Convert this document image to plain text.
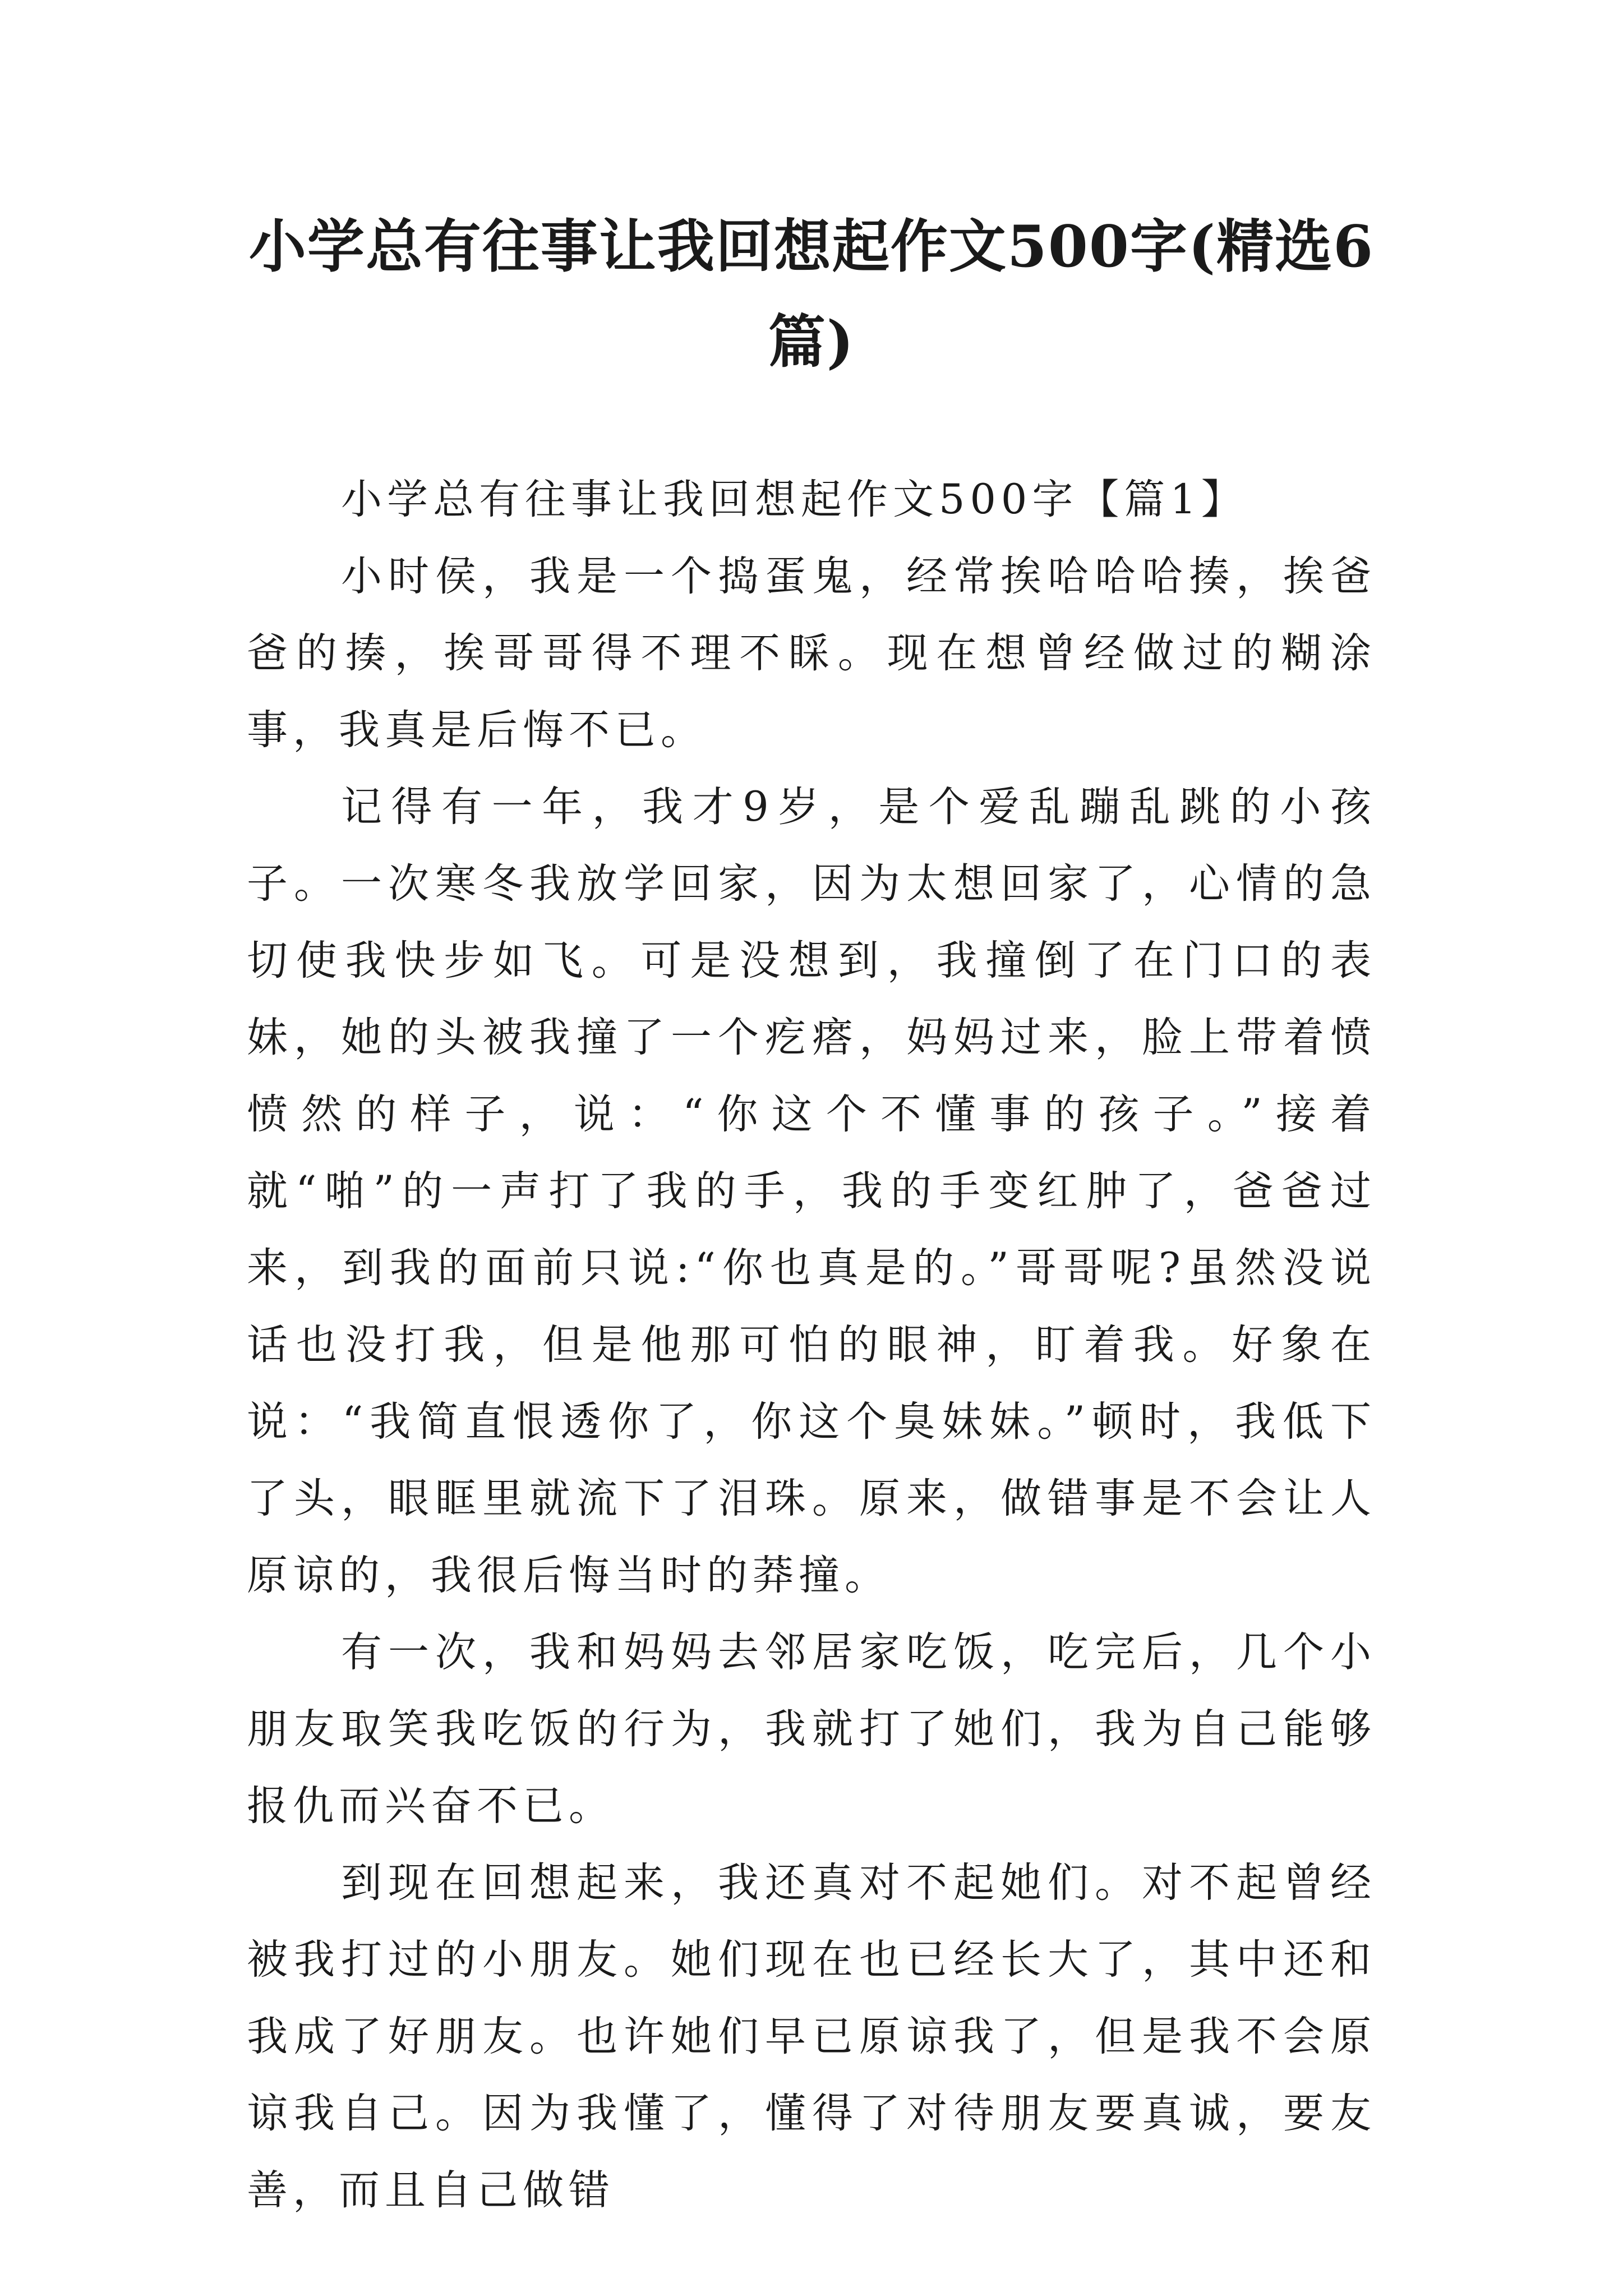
小学总有往事让我回想起作文500字(精选6篇)

小学总有往事让我回想起作文500字【篇1】

小时侯，我是一个捣蛋鬼，经常挨哈哈哈揍，挨爸爸的揍，挨哥哥得不理不睬。现在想曾经做过的糊涂事，我真是后悔不已。

记得有一年，我才9岁，是个爱乱蹦乱跳的小孩子。一次寒冬我放学回家，因为太想回家了，心情的急切使我快步如飞。可是没想到，我撞倒了在门口的表妹，她的头被我撞了一个疙瘩，妈妈过来，脸上带着愤愤然的样子，说：“你这个不懂事的孩子。”接着就“啪”的一声打了我的手，我的手变红肿了，爸爸过来，到我的面前只说:“你也真是的。”哥哥呢?虽然没说话也没打我，但是他那可怕的眼神，盯着我。好象在说：“我简直恨透你了，你这个臭妹妹。”顿时，我低下了头，眼眶里就流下了泪珠。原来，做错事是不会让人原谅的，我很后悔当时的莽撞。

有一次，我和妈妈去邻居家吃饭，吃完后，几个小朋友取笑我吃饭的行为，我就打了她们，我为自己能够报仇而兴奋不已。

到现在回想起来，我还真对不起她们。对不起曾经被我打过的小朋友。她们现在也已经长大了，其中还和我成了好朋友。也许她们早已原谅我了，但是我不会原谅我自己。因为我懂了，懂得了对待朋友要真诚，要友善，而且自己做错
